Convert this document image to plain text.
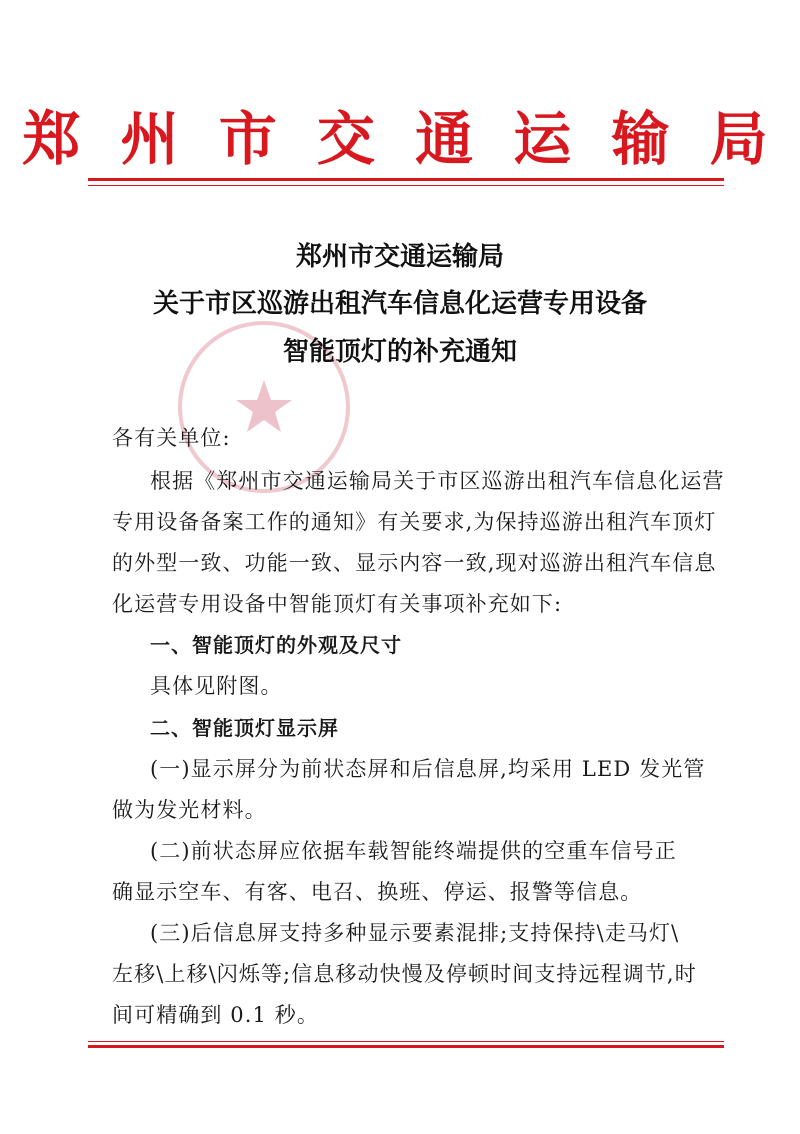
郑 州 市 交 通 运 输 局
郑州市交通运输局
关于市区巡游出租汽车信息化运营专用设备
智能顶灯的补充通知
各有关单位:
根据《郑州市交通运输局关于市区巡游出租汽车信息化运营
专用设备备案工作的通知》有关要求,为保持巡游出租汽车顶灯
的外型一致、功能一致、显示内容一致,现对巡游出租汽车信息
化运营专用设备中智能顶灯有关事项补充如下:
一、智能顶灯的外观及尺寸
具体见附图。
二、智能顶灯显示屏
(一)显示屏分为前状态屏和后信息屏,均采用 LED 发光管
做为发光材料。
(二)前状态屏应依据车载智能终端提供的空重车信号正
确显示空车、有客、电召、换班、停运、报警等信息。
(三)后信息屏支持多种显示要素混排;支持保持\走马灯\
左移\上移\闪烁等;信息移动快慢及停顿时间支持远程调节,时
间可精确到 0.1 秒。
